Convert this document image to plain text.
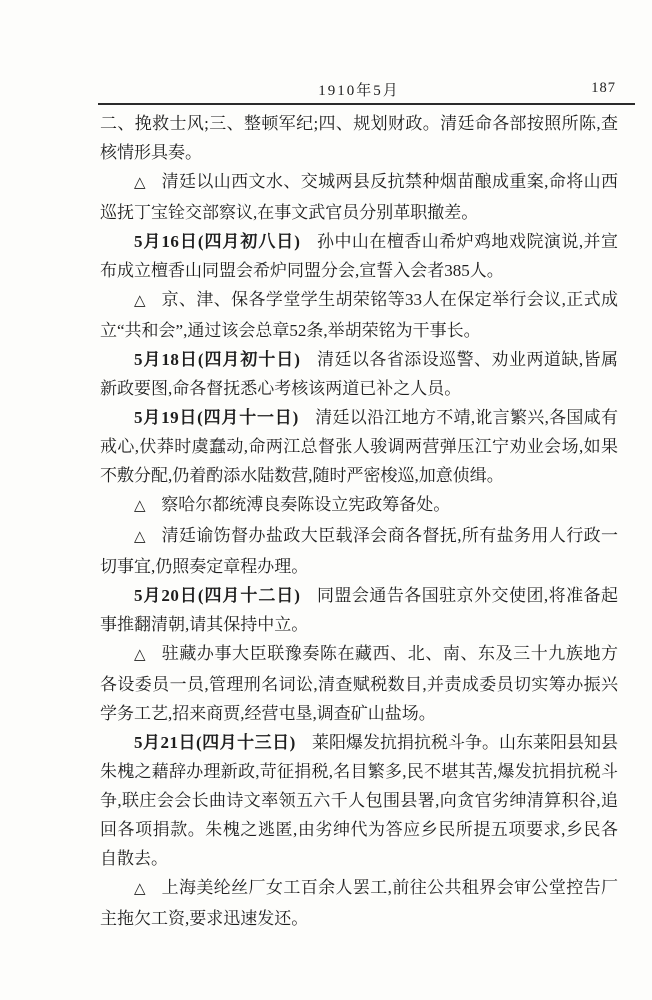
1910年5月	187

二、挽救士风;三、整顿军纪;四、规划财政。清廷命各部按照所陈,查核情形具奏。

△ 清廷以山西文水、交城两县反抗禁种烟苗酿成重案,命将山西巡抚丁宝铨交部察议,在事文武官员分别革职撤差。

5月16日(四月初八日) 孙中山在檀香山希炉鸡地戏院演说,并宣布成立檀香山同盟会希炉同盟分会,宣誓入会者385人。

△ 京、津、保各学堂学生胡荣铭等33人在保定举行会议,正式成立“共和会”,通过该会总章52条,举胡荣铭为干事长。

5月18日(四月初十日) 清廷以各省添设巡警、劝业两道缺,皆属新政要图,命各督抚悉心考核该两道已补之人员。

5月19日(四月十一日) 清廷以沿江地方不靖,讹言繁兴,各国咸有戒心,伏莽时虞蠢动,命两江总督张人骏调两营弹压江宁劝业会场,如果不敷分配,仍着酌添水陆数营,随时严密梭巡,加意侦缉。

△ 察哈尔都统溥良奏陈设立宪政筹备处。

△ 清廷谕饬督办盐政大臣载泽会商各督抚,所有盐务用人行政一切事宜,仍照奏定章程办理。

5月20日(四月十二日) 同盟会通告各国驻京外交使团,将准备起事推翻清朝,请其保持中立。

△ 驻藏办事大臣联豫奏陈在藏西、北、南、东及三十九族地方各设委员一员,管理刑名词讼,清查赋税数目,并责成委员切实筹办振兴学务工艺,招来商贾,经营屯垦,调查矿山盐场。

5月21日(四月十三日) 莱阳爆发抗捐抗税斗争。山东莱阳县知县朱槐之藉辞办理新政,苛征捐税,名目繁多,民不堪其苦,爆发抗捐抗税斗争,联庄会会长曲诗文率领五六千人包围县署,向贪官劣绅清算积谷,追回各项捐款。朱槐之逃匿,由劣绅代为答应乡民所提五项要求,乡民各自散去。

△ 上海美纶丝厂女工百余人罢工,前往公共租界会审公堂控告厂主拖欠工资,要求迅速发还。
